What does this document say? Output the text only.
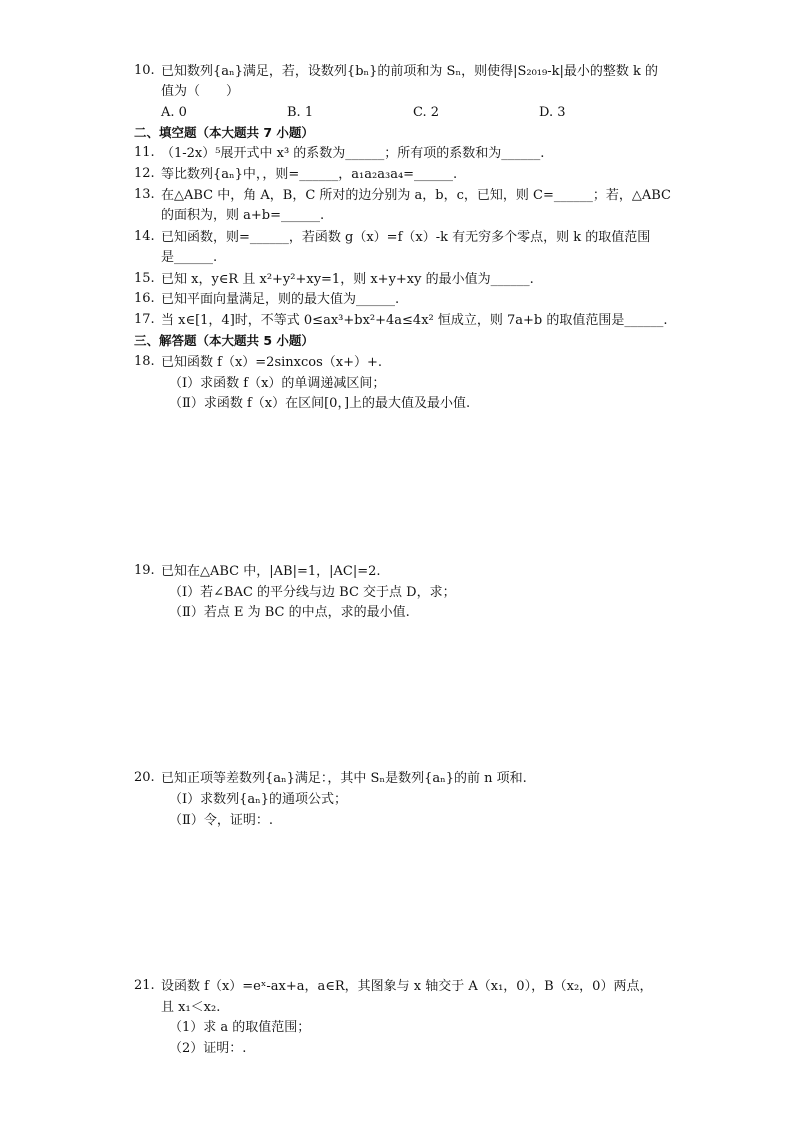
10. 已知数列{aₙ}满足，若，设数列{bₙ}的前项和为 Sₙ，则使得|S₂₀₁₉-k|最小的整数 k 的
值为（　　）
A. 0	B. 1	C. 2	D. 3
二、填空题（本大题共 7 小题）
11. （1-2x）⁵展开式中 x³ 的系数为______；所有项的系数和为______.
12. 等比数列{aₙ}中，，则=______，a₁a₂a₃a₄=______.
13. 在△ABC 中，角 A，B，C 所对的边分别为 a，b，c，已知，则 C=______；若，△ABC
的面积为，则 a+b=______.
14. 已知函数，则=______，若函数 g（x）=f（x）-k 有无穷多个零点，则 k 的取值范围
是______.
15. 已知 x，y∈R 且 x²+y²+xy=1，则 x+y+xy 的最小值为______.
16. 已知平面向量满足，则的最大值为______.
17. 当 x∈[1，4]时，不等式 0≤ax³+bx²+4a≤4x² 恒成立，则 7a+b 的取值范围是______.
三、解答题（本大题共 5 小题）
18. 已知函数 f（x）=2sinxcos（x+）+.
（Ⅰ）求函数 f（x）的单调递减区间；
（Ⅱ）求函数 f（x）在区间[0，]上的最大值及最小值.
19. 已知在△ABC 中，|AB|=1，|AC|=2.
（Ⅰ）若∠BAC 的平分线与边 BC 交于点 D，求；
（Ⅱ）若点 E 为 BC 的中点，求的最小值.
20. 已知正项等差数列{aₙ}满足：，其中 Sₙ是数列{aₙ}的前 n 项和.
（Ⅰ）求数列{aₙ}的通项公式；
（Ⅱ）令，证明：.
21. 设函数 f（x）=eˣ-ax+a，a∈R，其图象与 x 轴交于 A（x₁，0），B（x₂，0）两点，
且 x₁＜x₂.
（1）求 a 的取值范围；
（2）证明：.
